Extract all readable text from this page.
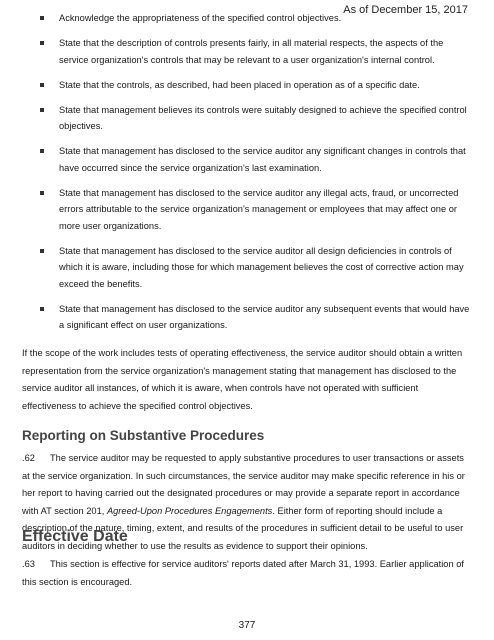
As of December 15, 2017
Acknowledge the appropriateness of the specified control objectives.
State that the description of controls presents fairly, in all material respects, the aspects of the service organization's controls that may be relevant to a user organization's internal control.
State that the controls, as described, had been placed in operation as of a specific date.
State that management believes its controls were suitably designed to achieve the specified control objectives.
State that management has disclosed to the service auditor any significant changes in controls that have occurred since the service organization's last examination.
State that management has disclosed to the service auditor any illegal acts, fraud, or uncorrected errors attributable to the service organization's management or employees that may affect one or more user organizations.
State that management has disclosed to the service auditor all design deficiencies in controls of which it is aware, including those for which management believes the cost of corrective action may exceed the benefits.
State that management has disclosed to the service auditor any subsequent events that would have a significant effect on user organizations.

If the scope of the work includes tests of operating effectiveness, the service auditor should obtain a written representation from the service organization's management stating that management has disclosed to the service auditor all instances, of which it is aware, when controls have not operated with sufficient effectiveness to achieve the specified control objectives.

Reporting on Substantive Procedures

.62 The service auditor may be requested to apply substantive procedures to user transactions or assets at the service organization. In such circumstances, the service auditor may make specific reference in his or her report to having carried out the designated procedures or may provide a separate report in accordance with AT section 201, Agreed-Upon Procedures Engagements. Either form of reporting should include a description of the nature, timing, extent, and results of the procedures in sufficient detail to be useful to user auditors in deciding whether to use the results as evidence to support their opinions.

Effective Date

.63 This section is effective for service auditors' reports dated after March 31, 1993. Earlier application of this section is encouraged.

377
